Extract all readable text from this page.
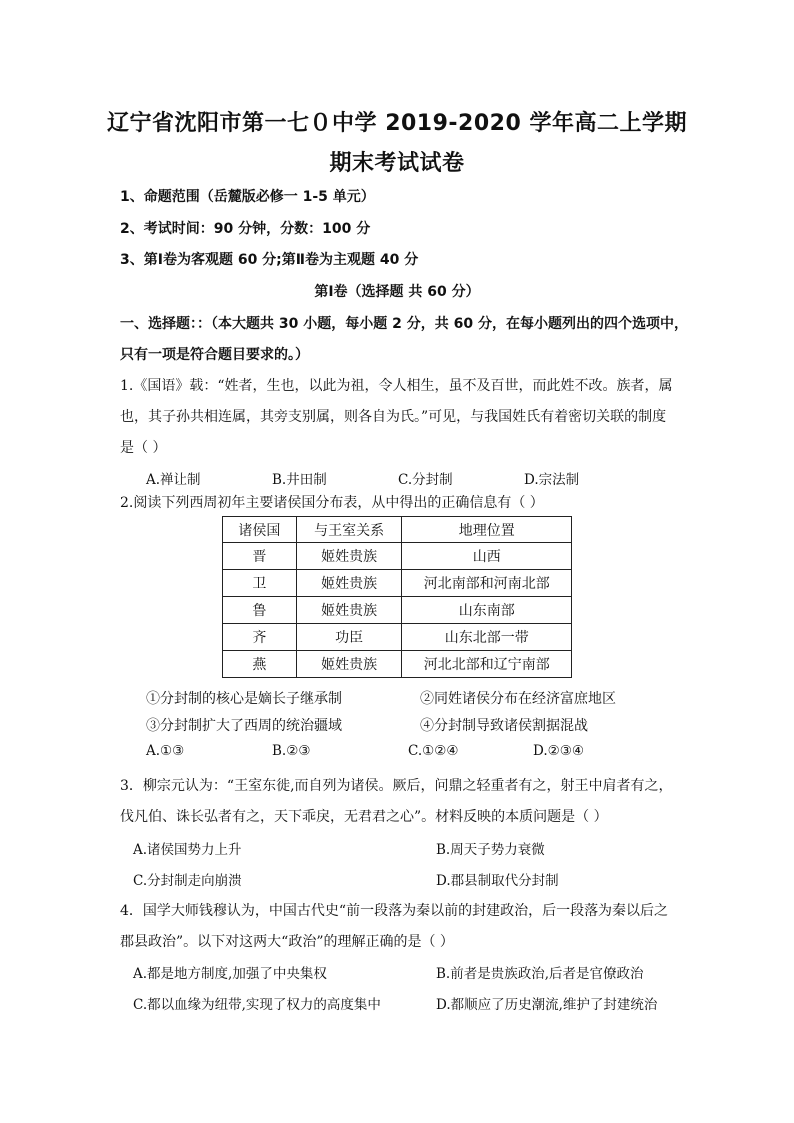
辽宁省沈阳市第一七０中学 2019-2020 学年高二上学期
期末考试试卷
1、命题范围（岳麓版必修一 1-5 单元）
2、考试时间：90 分钟，分数：100 分
3、第Ⅰ卷为客观题 60 分;第Ⅱ卷为主观题 40 分
第Ⅰ卷（选择题 共 60 分）
一、选择题：：（本大题共 30 小题，每小题 2 分，共 60 分，在每小题列出的四个选项中，
只有一项是符合题目要求的。）
1.《国语》载：“姓者，生也，以此为祖，令人相生，虽不及百世，而此姓不改。族者，属
也，其子孙共相连属，其旁支别属，则各自为氏。”可见，与我国姓氏有着密切关联的制度
是（ ）
A.禅让制	B.井田制	C.分封制	D.宗法制
2.阅读下列西周初年主要诸侯国分布表，从中得出的正确信息有（ ）
诸侯国	与王室关系	地理位置
晋	姬姓贵族	山西
卫	姬姓贵族	河北南部和河南北部
鲁	姬姓贵族	山东南部
齐	功臣	山东北部一带
燕	姬姓贵族	河北北部和辽宁南部
①分封制的核心是嫡长子继承制	②同姓诸侯分布在经济富庶地区
③分封制扩大了西周的统治疆域	④分封制导致诸侯割据混战
A.①③	B.②③	C.①②④	D.②③④
3．柳宗元认为：“王室东徙,而自列为诸侯。厥后，问鼎之轻重者有之，射王中肩者有之，
伐凡伯、诛长弘者有之，天下乖戾，无君君之心”。材料反映的本质问题是（ ）
A.诸侯国势力上升	B.周天子势力衰微
C.分封制走向崩溃	D.郡县制取代分封制
4．国学大师钱穆认为，中国古代史“前一段落为秦以前的封建政治，后一段落为秦以后之
郡县政治”。以下对这两大“政治”的理解正确的是（ ）
A.都是地方制度,加强了中央集权	B.前者是贵族政治,后者是官僚政治
C.都以血缘为纽带,实现了权力的高度集中	D.都顺应了历史潮流,维护了封建统治
